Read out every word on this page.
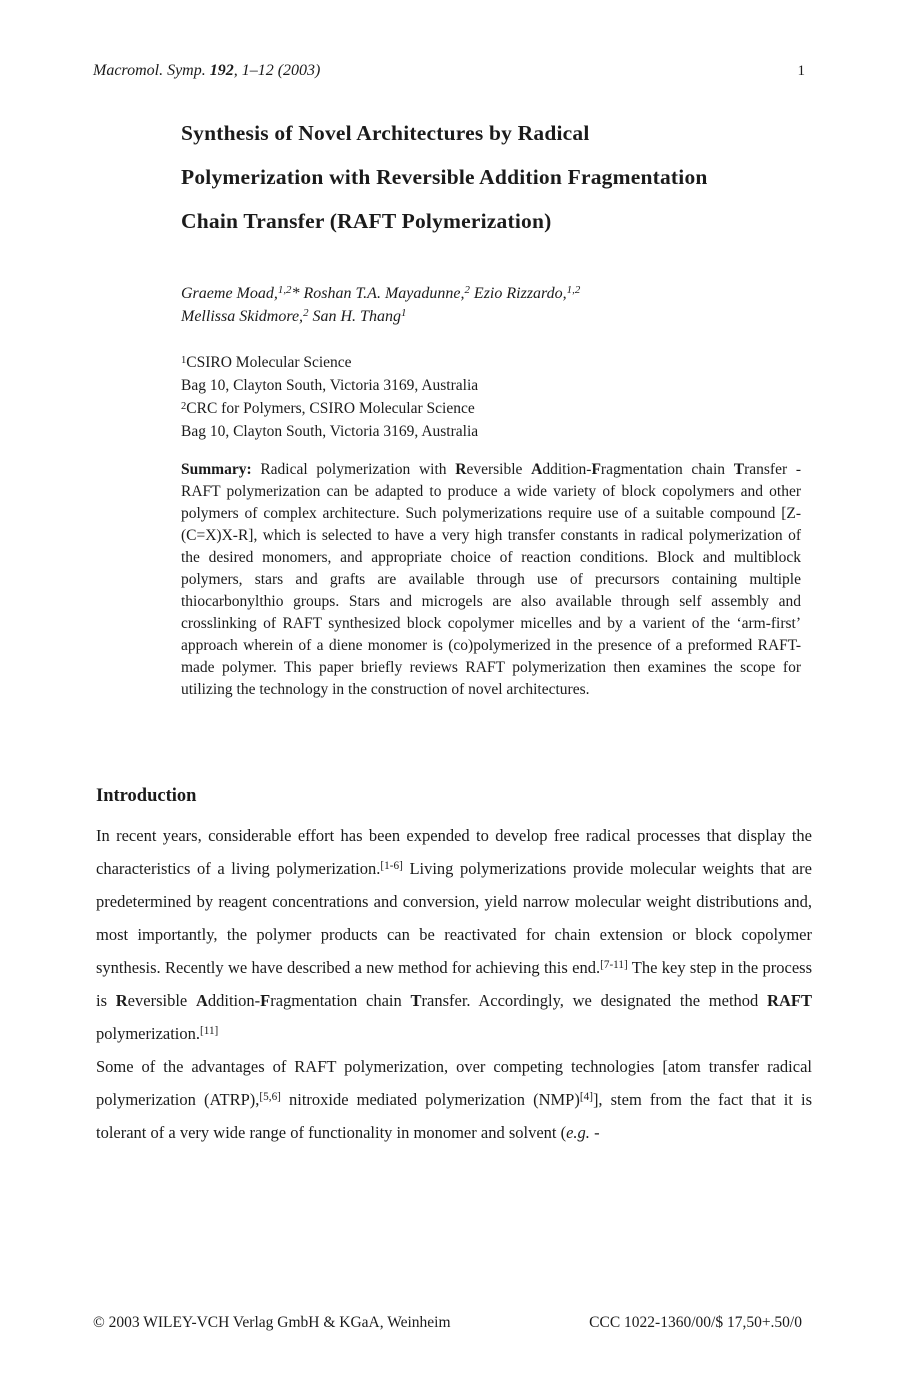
Macromol. Symp. 192, 1–12 (2003)	1
Synthesis of Novel Architectures by Radical
Polymerization with Reversible Addition Fragmentation
Chain Transfer (RAFT Polymerization)
Graeme Moad,$^{1,2}$* Roshan T.A. Mayadunne,$^2$ Ezio Rizzardo,$^{1,2}$
Mellissa Skidmore,$^2$ San H. Thang$^1$
$^1$CSIRO Molecular Science
Bag 10, Clayton South, Victoria 3169, Australia
$^2$CRC for Polymers, CSIRO Molecular Science
Bag 10, Clayton South, Victoria 3169, Australia

Summary: Radical polymerization with Reversible Addition-Fragmentation chain Transfer - RAFT polymerization can be adapted to produce a wide variety of block copolymers and other polymers of complex architecture. Such polymerizations require use of a suitable compound [Z-(C=X)X-R], which is selected to have a very high transfer constants in radical polymerization of the desired monomers, and appropriate choice of reaction conditions. Block and multiblock polymers, stars and grafts are available through use of precursors containing multiple thiocarbonylthio groups. Stars and microgels are also available through self assembly and crosslinking of RAFT synthesized block copolymer micelles and by a varient of the ‘arm-first’ approach wherein of a diene monomer is (co)polymerized in the presence of a preformed RAFT-made polymer. This paper briefly reviews RAFT polymerization then examines the scope for utilizing the technology in the construction of novel architectures.

Introduction

In recent years, considerable effort has been expended to develop free radical processes that display the characteristics of a living polymerization.[1-6] Living polymerizations provide molecular weights that are predetermined by reagent concentrations and conversion, yield narrow molecular weight distributions and, most importantly, the polymer products can be reactivated for chain extension or block copolymer synthesis. Recently we have described a new method for achieving this end.[7-11] The key step in the process is Reversible Addition-Fragmentation chain Transfer. Accordingly, we designated the method RAFT polymerization.[11]

Some of the advantages of RAFT polymerization, over competing technologies [atom transfer radical polymerization (ATRP),[5,6] nitroxide mediated polymerization (NMP)[4]], stem from the fact that it is tolerant of a very wide range of functionality in monomer and solvent (e.g. -

© 2003 WILEY-VCH Verlag GmbH & KGaA, Weinheim	CCC 1022-1360/00/$ 17,50+.50/0
